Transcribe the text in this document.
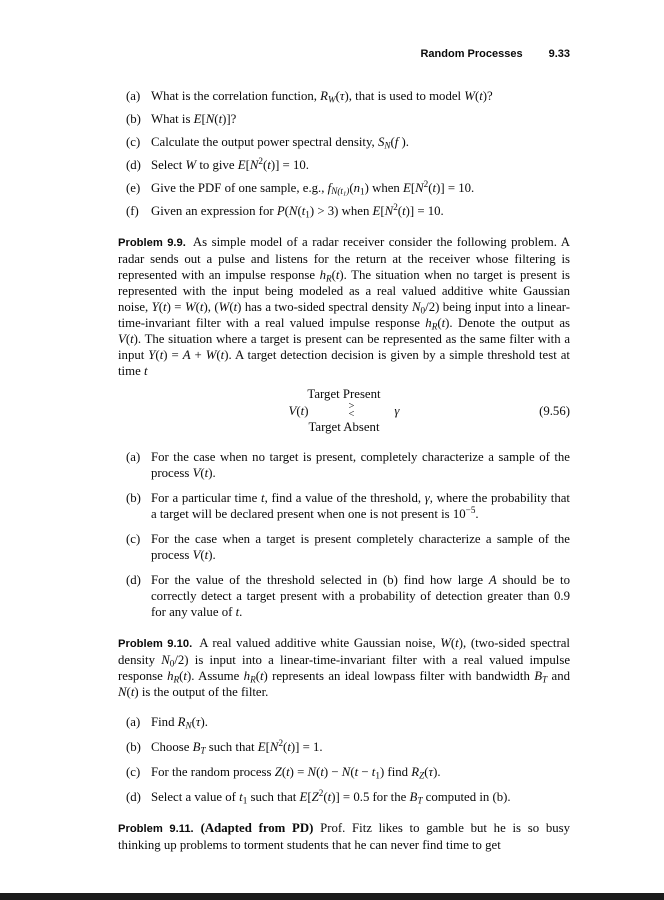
Random Processes 9.33
(a) What is the correlation function, $R_W(\tau)$, that is used to model W(t)?
(b) What is E[N(t)]?
(c) Calculate the output power spectral density, $S_N(f$ ).
(d) Select W to give $E[N^2(t)] = 10$.
(e) Give the PDF of one sample, e.g., $f_{N(t_1)}(n_1)$ when $E[N^2(t)] = 10$.
(f) Given an expression for $P(N(t_1) > 3)$ when $E[N^2(t)] = 10$.

Problem 9.9. As simple model of a radar receiver consider the following problem. A radar sends out a pulse and listens for the return at the receiver whose filtering is represented with an impulse response $h_R(t)$. The situation when no target is present is represented with the input being modeled as a real valued additive white Gaussian noise, Y(t) = W(t), (W(t) has a two-sided spectral density $N_0/2$) being input into a linear-time-invariant filter with a real valued impulse response $h_R(t)$. Denote the output as V(t). The situation where a target is present can be represented as the same filter with a input Y(t) = A + W(t). A target detection decision is given by a simple threshold test at time t

Target Present
V(t)	>
<	γ
Target Absent
(9.56)
(a) For the case when no target is present, completely characterize a sample of the process V(t).
(b) For a particular time t, find a value of the threshold, γ, where the probability that a target will be declared present when one is not present is $10^{-5}$.
(c) For the case when a target is present completely characterize a sample of the process V(t).
(d) For the value of the threshold selected in (b) find how large A should be to correctly detect a target present with a probability of detection greater than 0.9 for any value of t.

Problem 9.10. A real valued additive white Gaussian noise, W(t), (two-sided spectral density $N_0/2$) is input into a linear-time-invariant filter with a real valued impulse response $h_R(t)$. Assume $h_R(t)$ represents an ideal lowpass filter with bandwidth $B_T$ and N(t) is the output of the filter.

(a) Find $R_N(\tau)$.
(b) Choose $B_T$ such that $E[N^2(t)] = 1$.
(c) For the random process $Z(t) = N(t) - N(t - t_1)$ find $R_Z(\tau)$.
(d) Select a value of $t_1$ such that $E[Z^2(t)] = 0.5$ for the $B_T$ computed in (b).

Problem 9.11. (Adapted from PD) Prof. Fitz likes to gamble but he is so busy thinking up problems to torment students that he can never find time to get
